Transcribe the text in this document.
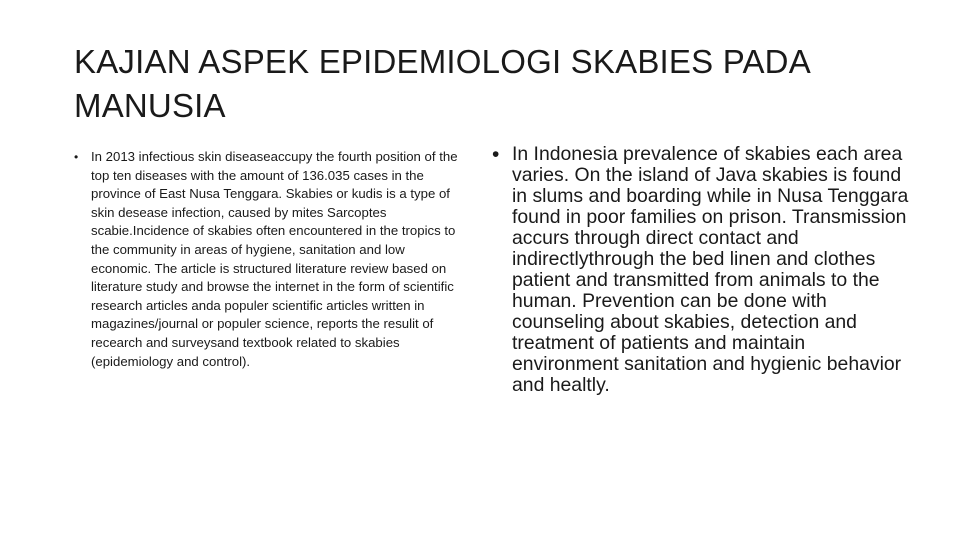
KAJIAN ASPEK EPIDEMIOLOGI SKABIES PADA MANUSIA
• In 2013 infectious skin diseaseaccupy the fourth position of the top ten diseases with the amount of 136.035 cases in the province of East Nusa Tenggara. Skabies or kudis is a type of skin desease infection, caused by mites Sarcoptes scabie.Incidence of skabies often encountered in the tropics to the community in areas of hygiene, sanitation and low economic. The article is structured literature review based on literature study and browse the internet in the form of scientific research articles anda populer scientific articles written in magazines/journal or populer science, reports the resulit of recearch and surveysand textbook related to skabies (epidemiology and control).

• In Indonesia prevalence of skabies each area varies. On the island of Java skabies is found in slums and boarding while in Nusa Tenggara found in poor families on prison. Transmission accurs through direct contact and indirectlythrough the bed linen and clothes patient and transmitted from animals to the human. Prevention can be done with counseling about skabies, detection and treatment of patients and maintain environment sanitation and hygienic behavior and healtly.
